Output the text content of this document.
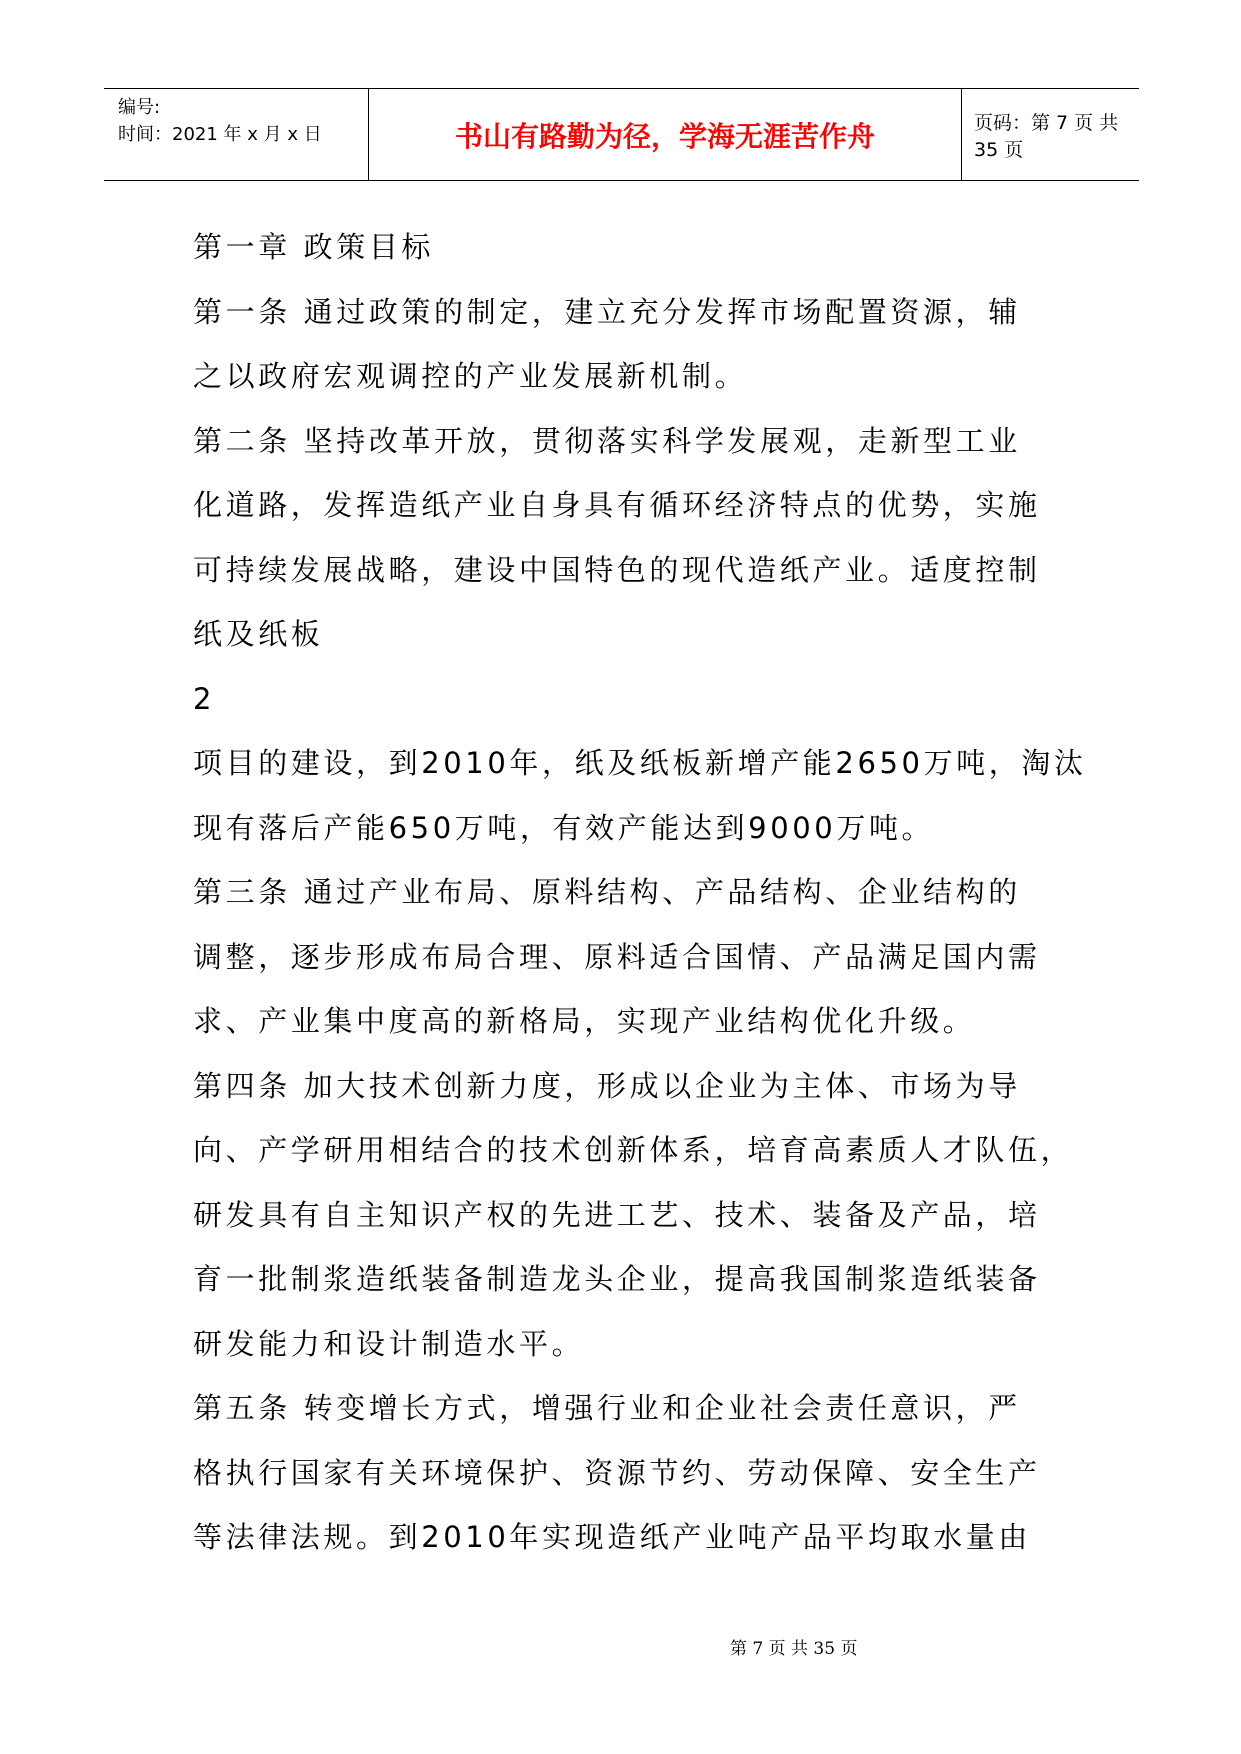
编号:
时间：2021 年 x 月 x 日	书山有路勤为径，学海无涯苦作舟	页码：第 7 页 共 35 页
第一章 政策目标
第一条 通过政策的制定，建立充分发挥市场配置资源，辅
之以政府宏观调控的产业发展新机制。
第二条 坚持改革开放，贯彻落实科学发展观，走新型工业
化道路，发挥造纸产业自身具有循环经济特点的优势，实施
可持续发展战略，建设中国特色的现代造纸产业。适度控制
纸及纸板
2
项目的建设，到2010年，纸及纸板新增产能2650万吨，淘汰
现有落后产能650万吨，有效产能达到9000万吨。
第三条 通过产业布局、原料结构、产品结构、企业结构的
调整，逐步形成布局合理、原料适合国情、产品满足国内需
求、产业集中度高的新格局，实现产业结构优化升级。
第四条 加大技术创新力度，形成以企业为主体、市场为导
向、产学研用相结合的技术创新体系，培育高素质人才队伍，
研发具有自主知识产权的先进工艺、技术、装备及产品，培
育一批制浆造纸装备制造龙头企业，提高我国制浆造纸装备
研发能力和设计制造水平。
第五条 转变增长方式，增强行业和企业社会责任意识，严
格执行国家有关环境保护、资源节约、劳动保障、安全生产
等法律法规。到2010年实现造纸产业吨产品平均取水量由
第 7 页 共 35 页
